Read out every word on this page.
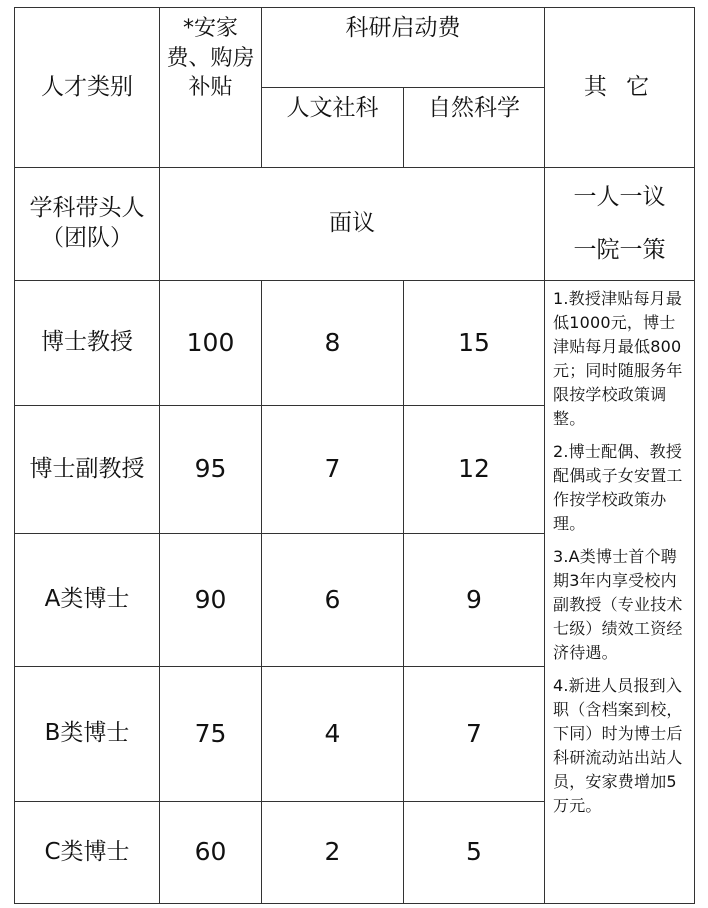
人才类别	*安家费、购房补贴	科研启动费		其 它
		人文社科	自然科学	

学科带头人（团队）	面议			一人一议
一院一策

博士教授	100	8	15	1.教授津贴每月最低1000元，博士津贴每月最低800元；同时随服务年限按学校政策调整。

2.博士配偶、教授配偶或子女安置工作按学校政策办理。

3.A类博士首个聘期3年内享受校内副教授（专业技术七级）绩效工资经济待遇。

4.新进人员报到入职（含档案到校，下同）时为博士后科研流动站出站人员，安家费增加5万元。

博士副教授	95	7	12	
A类博士	90	6	9	
B类博士	75	4	7	
C类博士	60	2	5	
